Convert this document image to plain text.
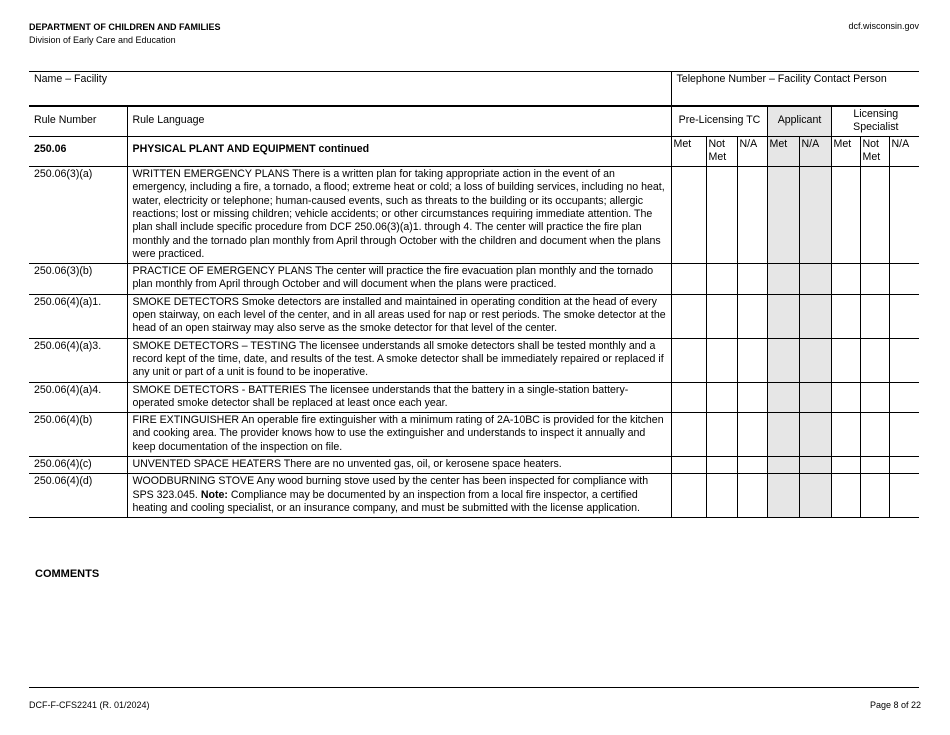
DEPARTMENT OF CHILDREN AND FAMILIES
Division of Early Care and Education
dcf.wisconsin.gov
Name – Facility		Telephone Number – Facility Contact Person							
Rule Number	Rule Language	Pre-Licensing TC			Applicant		Licensing Specialist		
250.06	PHYSICAL PLANT AND EQUIPMENT continued	Met	Not Met	N/A	Met	N/A	Met	Not Met	N/A
250.06(3)(a)	WRITTEN EMERGENCY PLANS There is a written plan for taking appropriate action in the event of an emergency, including a fire, a tornado, a flood; extreme heat or cold; a loss of building services, including no heat, water, electricity or telephone; human-caused events, such as threats to the building or its occupants; allergic reactions; lost or missing children; vehicle accidents; or other circumstances requiring immediate attention. The plan shall include specific procedure from DCF 250.06(3)(a)1. through 4. The center will practice the fire plan monthly and the tornado plan monthly from April through October with the children and document when the plans were practiced.								
250.06(3)(b)	PRACTICE OF EMERGENCY PLANS The center will practice the fire evacuation plan monthly and the tornado plan monthly from April through October and will document when the plans were practiced.								
250.06(4)(a)1.	SMOKE DETECTORS Smoke detectors are installed and maintained in operating condition at the head of every open stairway, on each level of the center, and in all areas used for nap or rest periods. The smoke detector at the head of an open stairway may also serve as the smoke detector for that level of the center.								
250.06(4)(a)3.	SMOKE DETECTORS – TESTING The licensee understands all smoke detectors shall be tested monthly and a record kept of the time, date, and results of the test. A smoke detector shall be immediately repaired or replaced if any unit or part of a unit is found to be inoperative.								
250.06(4)(a)4.	SMOKE DETECTORS - BATTERIES The licensee understands that the battery in a single-station battery-operated smoke detector shall be replaced at least once each year.								
250.06(4)(b)	FIRE EXTINGUISHER An operable fire extinguisher with a minimum rating of 2A-10BC is provided for the kitchen and cooking area. The provider knows how to use the extinguisher and understands to inspect it annually and keep documentation of the inspection on file.								
250.06(4)(c)	UNVENTED SPACE HEATERS There are no unvented gas, oil, or kerosene space heaters.								
250.06(4)(d)	WOODBURNING STOVE Any wood burning stove used by the center has been inspected for compliance with SPS 323.045. Note: Compliance may be documented by an inspection from a local fire inspector, a certified heating and cooling specialist, or an insurance company, and must be submitted with the license application.								
COMMENTS
DCF-F-CFS2241 (R. 01/2024)	Page 8 of 22
